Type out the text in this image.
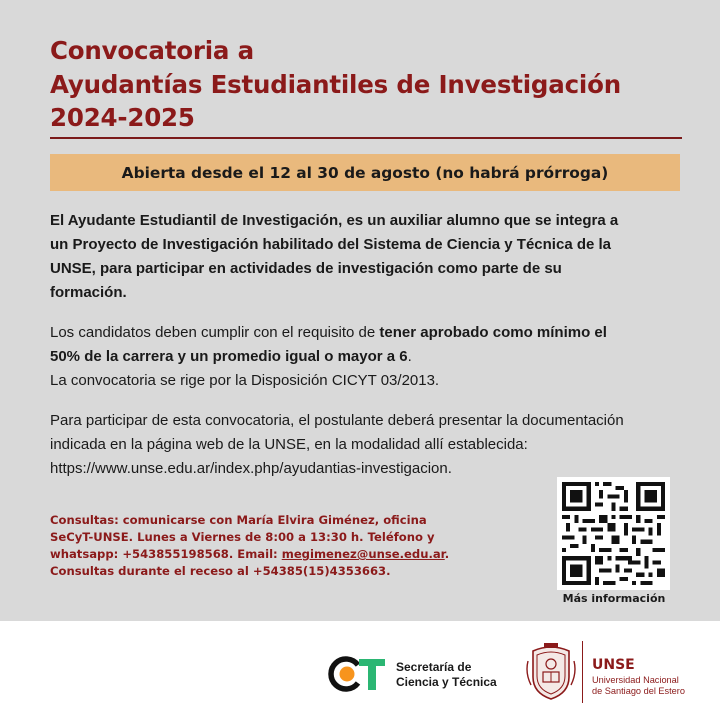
Convocatoria a
Ayudantías Estudiantiles de Investigación
2024-2025
Abierta desde el 12 al 30 de agosto (no habrá prórroga)
El Ayudante Estudiantil de Investigación, es un auxiliar alumno que se integra a
un Proyecto de Investigación habilitado del Sistema de Ciencia y Técnica de la
UNSE, para participar en actividades de investigación como parte de su
formación.
Los candidatos deben cumplir con el requisito de tener aprobado como mínimo el
50% de la carrera y un promedio igual o mayor a 6.
La convocatoria se rige por la Disposición CICYT 03/2013.
Para participar de esta convocatoria, el postulante deberá presentar la documentación
indicada en la página web de la UNSE, en la modalidad allí establecida:
https://www.unse.edu.ar/index.php/ayudantias-investigacion.
Consultas: comunicarse con María Elvira Giménez, oficina
SeCyT-UNSE. Lunes a Viernes de 8:00 a 13:30 h. Teléfono y
whatsapp: +543855198568. Email: megimenez@unse.edu.ar.
Consultas durante el receso al +54385(15)4353663.
Más información
Secretaría de
Ciencia y Técnica
UNSE
Universidad Nacional
de Santiago del Estero
